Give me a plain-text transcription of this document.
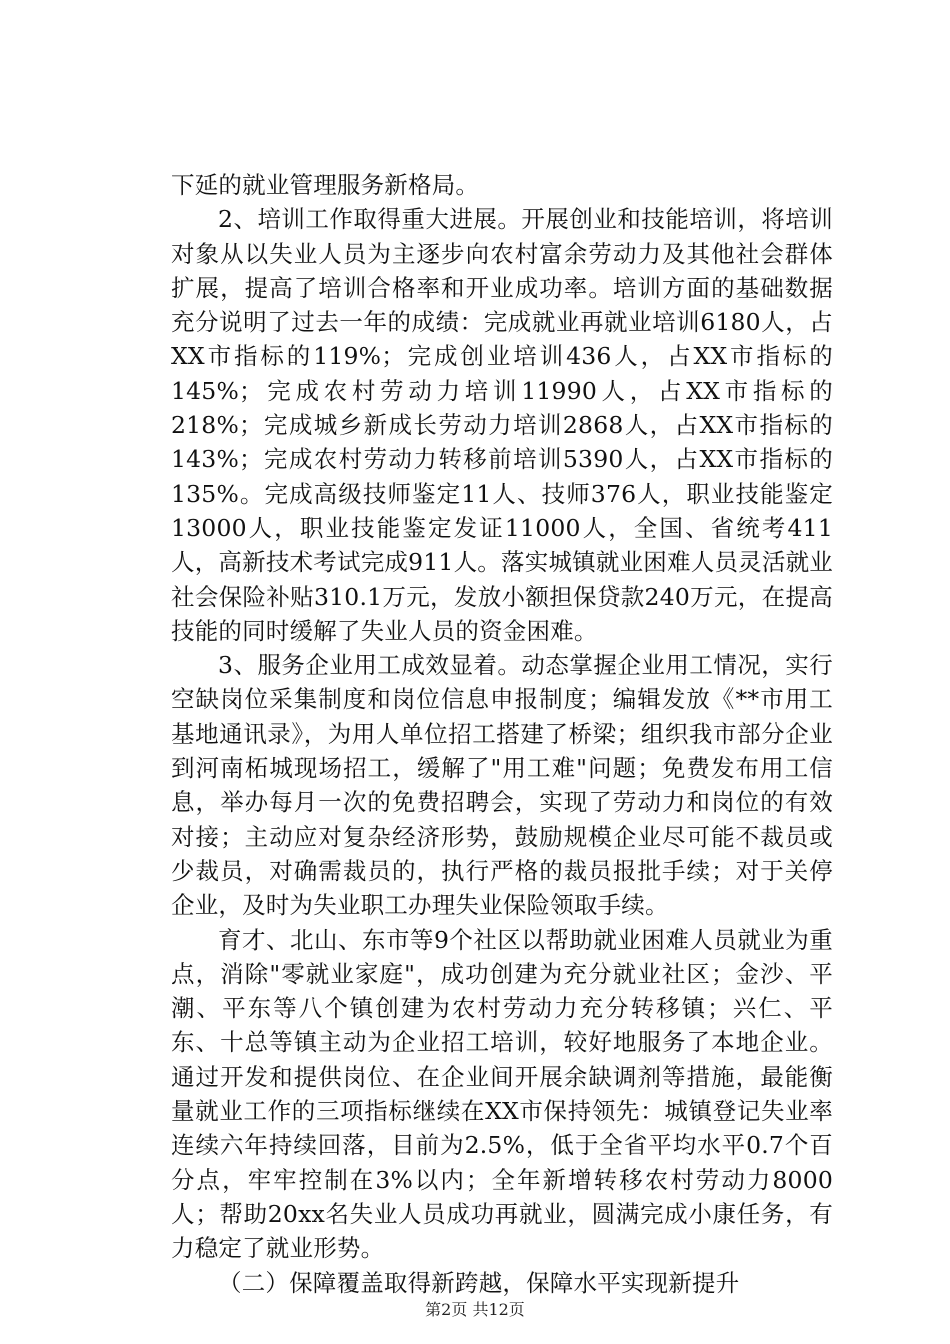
下延的就业管理服务新格局。

2、培训工作取得重大进展。开展创业和技能培训，将培训对象从以失业人员为主逐步向农村富余劳动力及其他社会群体扩展，提高了培训合格率和开业成功率。培训方面的基础数据充分说明了过去一年的成绩：完成就业再就业培训6180人，占XX市指标的119%；完成创业培训436人，占XX市指标的145%；完成农村劳动力培训11990人，占XX市指标的218%；完成城乡新成长劳动力培训2868人，占XX市指标的143%；完成农村劳动力转移前培训5390人，占XX市指标的135%。完成高级技师鉴定11人、技师376人，职业技能鉴定13000人，职业技能鉴定发证11000人，全国、省统考411人，高新技术考试完成911人。落实城镇就业困难人员灵活就业社会保险补贴310.1万元，发放小额担保贷款240万元，在提高技能的同时缓解了失业人员的资金困难。

3、服务企业用工成效显着。动态掌握企业用工情况，实行空缺岗位采集制度和岗位信息申报制度；编辑发放《**市用工基地通讯录》，为用人单位招工搭建了桥梁；组织我市部分企业到河南柘城现场招工，缓解了"用工难"问题；免费发布用工信息，举办每月一次的免费招聘会，实现了劳动力和岗位的有效对接；主动应对复杂经济形势，鼓励规模企业尽可能不裁员或少裁员，对确需裁员的，执行严格的裁员报批手续；对于关停企业，及时为失业职工办理失业保险领取手续。

育才、北山、东市等9个社区以帮助就业困难人员就业为重点，消除"零就业家庭"，成功创建为充分就业社区；金沙、平潮、平东等八个镇创建为农村劳动力充分转移镇；兴仁、平东、十总等镇主动为企业招工培训，较好地服务了本地企业。通过开发和提供岗位、在企业间开展余缺调剂等措施，最能衡量就业工作的三项指标继续在XX市保持领先：城镇登记失业率连续六年持续回落，目前为2.5%，低于全省平均水平0.7个百分点，牢牢控制在3%以内；全年新增转移农村劳动力8000人；帮助20xx名失业人员成功再就业，圆满完成小康任务，有力稳定了就业形势。

（二）保障覆盖取得新跨越，保障水平实现新提升

第2页 共12页
